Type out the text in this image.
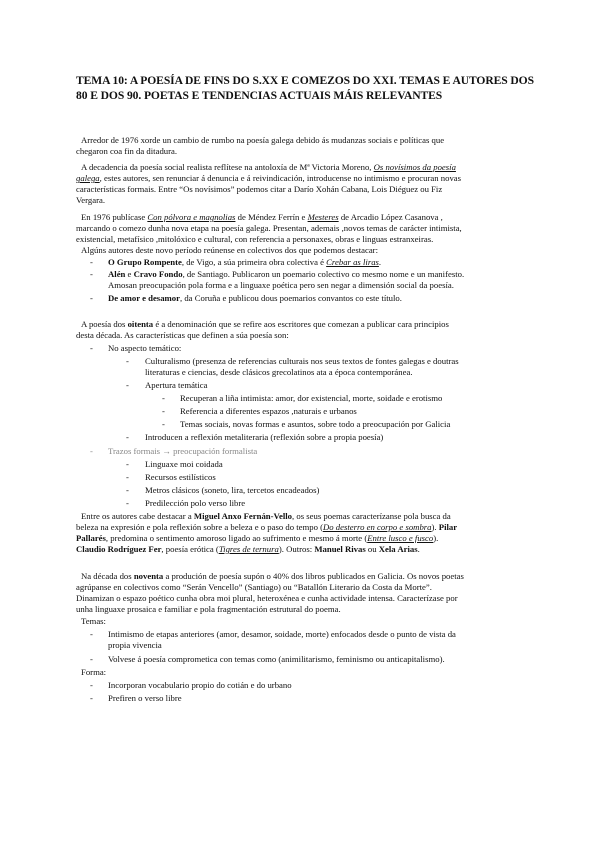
TEMA 10: A POESÍA DE FINS DO S.XX E COMEZOS DO XXI. TEMAS E AUTORES DOS 80 E DOS 90. POETAS E TENDENCIAS ACTUAIS MÁIS RELEVANTES
Arredor de 1976 xorde un cambio de rumbo na poesía galega debido ás mudanzas sociais e políticas que
chegaron coa fin da ditadura.
A decadencia da poesía social realista reflítese na antoloxía de Mª Victoria Moreno, Os novísimos da poesía
galega, estes autores, sen renunciar á denuncia e á reivindicación, introducense no intimismo e procuran novas
características formais. Entre “Os novísimos” podemos citar a Darío Xohán Cabana, Lois Diéguez ou Fiz
Vergara.
En 1976 publícase Con pólvora e magnolias de Méndez Ferrín e Mesteres de Arcadio López Casanova ,
marcando o comezo dunha nova etapa na poesía galega. Presentan, ademais ,novos temas de carácter intimista,
existencial, metafísico ,mitolóxico e cultural, con referencia a personaxes, obras e linguas estranxeiras.
Algúns autores deste novo período reúnense en colectivos dos que podemos destacar:
- O Grupo Rompente, de Vigo, a súa primeira obra colectiva é Crebar as liras.
- Alén e Cravo Fondo, de Santiago. Publicaron un poemario colectivo co mesmo nome e un manifesto.
Amosan preocupación pola forma e a linguaxe poética pero sen negar a dimensión social da poesía.
- De amor e desamor, da Coruña e publicou dous poemarios convantos co este título.
A poesía dos oitenta é a denominación que se refire aos escritores que comezan a publicar cara principios
desta década. As características que definen a súa poesía son:
- No aspecto temático:
- Culturalismo (presenza de referencias culturais nos seus textos de fontes galegas e doutras
literaturas e ciencias, desde clásicos grecolatinos ata a época contemporánea.
- Apertura temática
- Recuperan a liña intimista: amor, dor existencial, morte, soidade e erotismo
- Referencia a diferentes espazos ,naturais e urbanos
- Temas sociais, novas formas e asuntos, sobre todo a preocupación por Galicia
- Introducen a reflexión metaliteraria (reflexión sobre a propia poesía)
- Trazos formais → preocupación formalista
- Linguaxe moi coidada
- Recursos estilísticos
- Metros clásicos (soneto, lira, tercetos encadeados)
- Predilección polo verso libre
Entre os autores cabe destacar a Miguel Anxo Fernán-Vello, os seus poemas caracterízanse pola busca da
beleza na expresión e pola reflexión sobre a beleza e o paso do tempo (Do desterro en corpo e sombra). Pilar
Pallarés, predomina o sentimento amoroso ligado ao sufrimento e mesmo á morte (Entre lusco e fusco).
Claudio Rodríguez Fer, poesía erótica (Tigres de ternura). Outros: Manuel Rivas ou Xela Arias.
Na década dos noventa a produción de poesía supón o 40% dos libros publicados en Galicia. Os novos poetas
agrúpanse en colectivos como “Serán Vencello” (Santiago) ou “Batallón Literario da Costa da Morte”.
Dinamizan o espazo poético cunha obra moi plural, heteroxénea e cunha actividade intensa. Caracterízase por
unha linguaxe prosaica e familiar e pola fragmentación estrutural do poema.
Temas:
- Intimismo de etapas anteriores (amor, desamor, soidade, morte) enfocados desde o punto de vista da
propia vivencia
- Volvese á poesía comprometica con temas como (animilitarismo, feminismo ou anticapitalismo).
Forma:
- Incorporan vocabulario propio do cotián e do urbano
- Prefiren o verso libre
